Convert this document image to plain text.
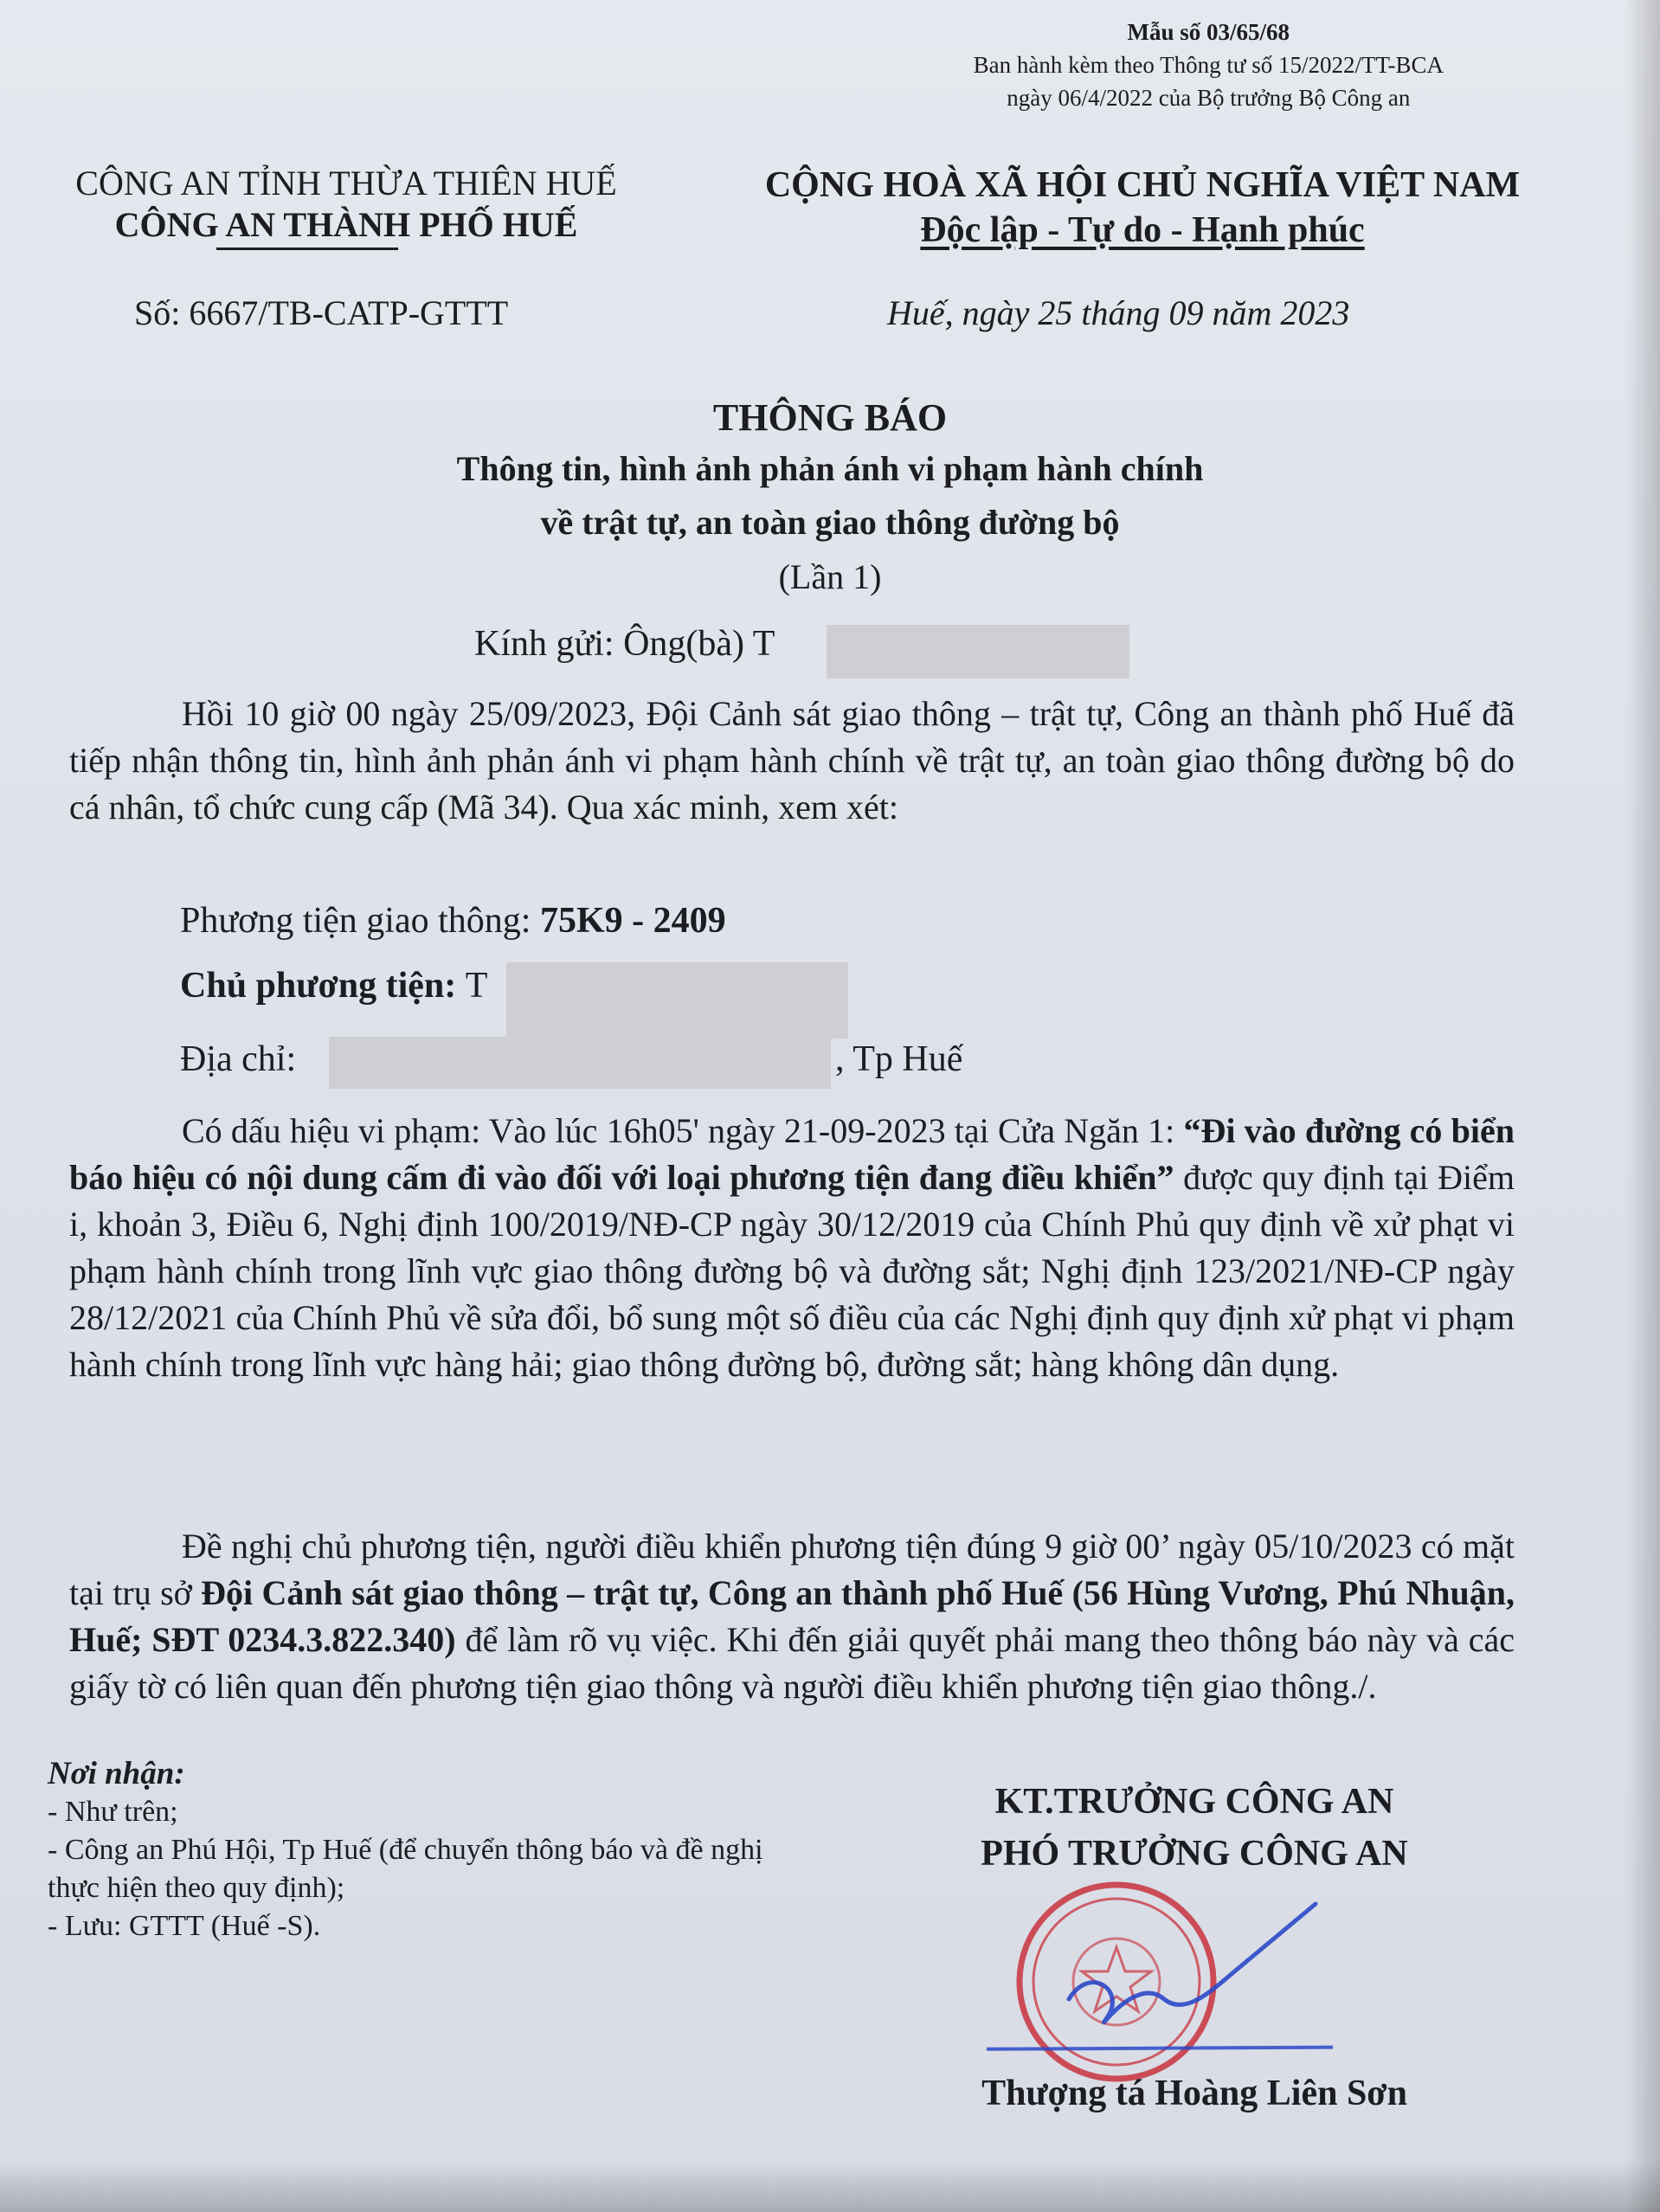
Mẫu số 03/65/68
Ban hành kèm theo Thông tư số 15/2022/TT-BCA
ngày 06/4/2022 của Bộ trưởng Bộ Công an
CÔNG AN TỈNH THỪA THIÊN HUẾ
CÔNG AN THÀNH PHỐ HUẾ
CỘNG HOÀ XÃ HỘI CHỦ NGHĨA VIỆT NAM
Độc lập - Tự do - Hạnh phúc
Số: 6667/TB-CATP-GTTT	Huế, ngày 25 tháng 09 năm 2023
THÔNG BÁO
Thông tin, hình ảnh phản ánh vi phạm hành chính
về trật tự, an toàn giao thông đường bộ
(Lần 1)
Kính gửi: Ông(bà) T
Hồi 10 giờ 00 ngày 25/09/2023, Đội Cảnh sát giao thông – trật tự, Công an thành phố Huế đã tiếp nhận thông tin, hình ảnh phản ánh vi phạm hành chính về trật tự, an toàn giao thông đường bộ do cá nhân, tổ chức cung cấp (Mã 34). Qua xác minh, xem xét:
Phương tiện giao thông: 75K9 - 2409
Chủ phương tiện: T
Địa chỉ:	, Tp Huế
Có dấu hiệu vi phạm: Vào lúc 16h05' ngày 21-09-2023 tại Cửa Ngăn 1: “Đi vào đường có biển báo hiệu có nội dung cấm đi vào đối với loại phương tiện đang điều khiển” được quy định tại Điểm i, khoản 3, Điều 6, Nghị định 100/2019/NĐ-CP ngày 30/12/2019 của Chính Phủ quy định về xử phạt vi phạm hành chính trong lĩnh vực giao thông đường bộ và đường sắt; Nghị định 123/2021/NĐ-CP ngày 28/12/2021 của Chính Phủ về sửa đổi, bổ sung một số điều của các Nghị định quy định xử phạt vi phạm hành chính trong lĩnh vực hàng hải; giao thông đường bộ, đường sắt; hàng không dân dụng.
Đề nghị chủ phương tiện, người điều khiển phương tiện đúng 9 giờ 00’ ngày 05/10/2023 có mặt tại trụ sở Đội Cảnh sát giao thông – trật tự, Công an thành phố Huế (56 Hùng Vương, Phú Nhuận, Huế; SĐT 0234.3.822.340) để làm rõ vụ việc. Khi đến giải quyết phải mang theo thông báo này và các giấy tờ có liên quan đến phương tiện giao thông và người điều khiển phương tiện giao thông./.
Nơi nhận:
- Như trên;
- Công an Phú Hội, Tp Huế (để chuyển thông báo và đề nghị thực hiện theo quy định);
- Lưu: GTTT (Huế -S).
KT.TRƯỞNG CÔNG AN
PHÓ TRƯỞNG CÔNG AN
Thượng tá Hoàng Liên Sơn
